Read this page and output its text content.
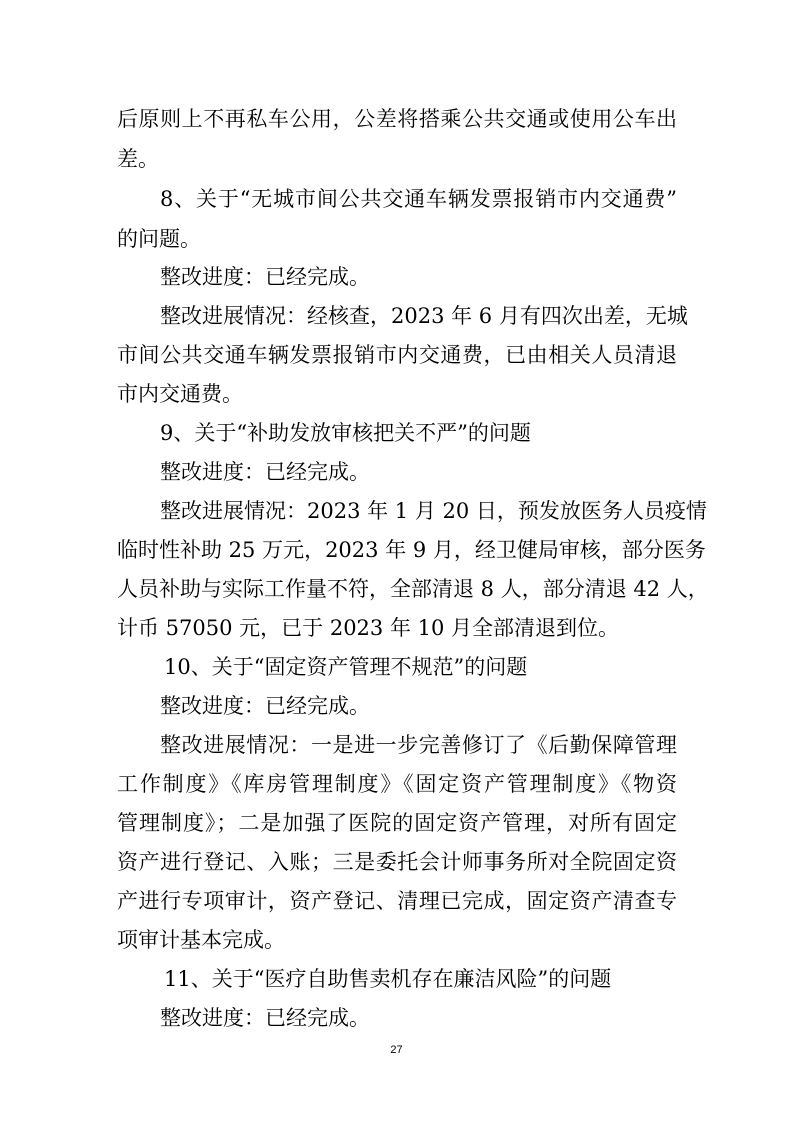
后原则上不再私车公用，公差将搭乘公共交通或使用公车出
差。
8、关于“无城市间公共交通车辆发票报销市内交通费”
的问题。
整改进度：已经完成。
整改进展情况：经核查，2023 年 6 月有四次出差，无城
市间公共交通车辆发票报销市内交通费，已由相关人员清退
市内交通费。
9、关于“补助发放审核把关不严”的问题
整改进度：已经完成。
整改进展情况：2023 年 1 月 20 日，预发放医务人员疫情
临时性补助 25 万元，2023 年 9 月，经卫健局审核，部分医务
人员补助与实际工作量不符，全部清退 8 人，部分清退 42 人，
计币 57050 元，已于 2023 年 10 月全部清退到位。
10、关于“固定资产管理不规范”的问题
整改进度：已经完成。
整改进展情况：一是进一步完善修订了《后勤保障管理
工作制度》《库房管理制度》《固定资产管理制度》《物资
管理制度》；二是加强了医院的固定资产管理，对所有固定
资产进行登记、入账；三是委托会计师事务所对全院固定资
产进行专项审计，资产登记、清理已完成，固定资产清查专
项审计基本完成。
11、关于“医疗自助售卖机存在廉洁风险”的问题
整改进度：已经完成。
27
